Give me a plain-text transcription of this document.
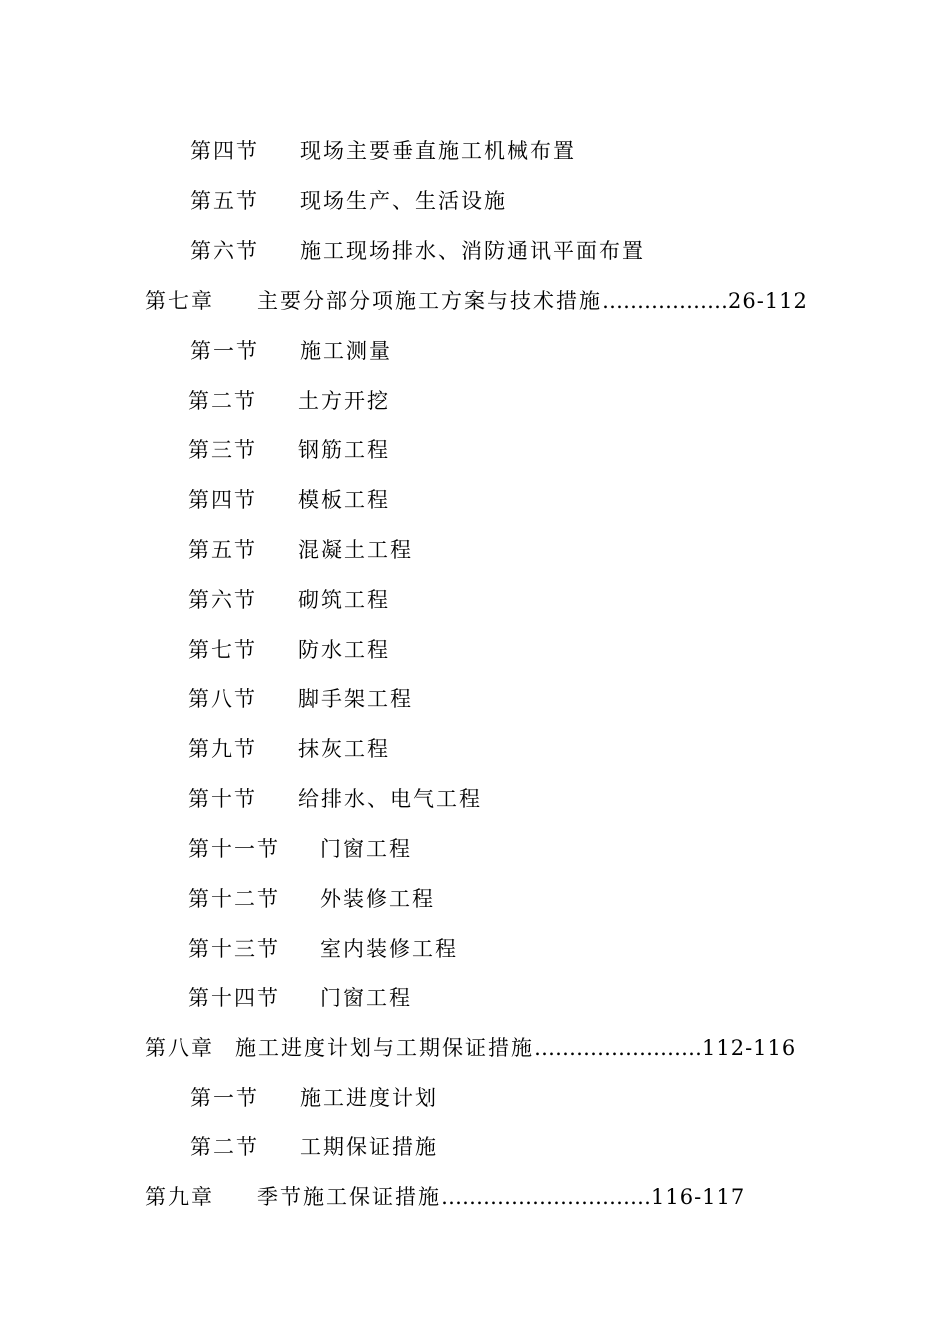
第四节 现场主要垂直施工机械布置
第五节 现场生产、生活设施
第六节 施工现场排水、消防通讯平面布置
第七章 主要分部分项施工方案与技术措施………………26-112
第一节 施工测量
第二节 土方开挖
第三节 钢筋工程
第四节 模板工程
第五节 混凝土工程
第六节 砌筑工程
第七节 防水工程
第八节 脚手架工程
第九节 抹灰工程
第十节 给排水、电气工程
第十一节 门窗工程
第十二节 外装修工程
第十三节 室内装修工程
第十四节 门窗工程
第八章 施工进度计划与工期保证措施……………………112-116
第一节 施工进度计划
第二节 工期保证措施
第九章 季节施工保证措施…………………………116-117
